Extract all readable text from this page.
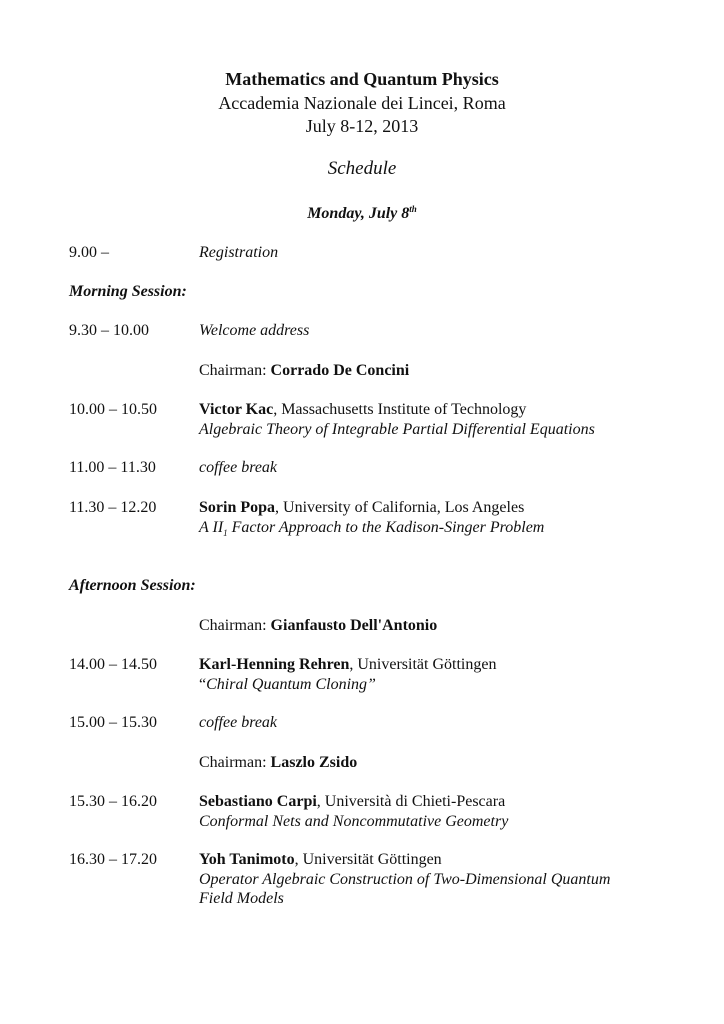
Mathematics and Quantum Physics
Accademia Nazionale dei Lincei, Roma
July 8-12, 2013
Schedule
Monday, July 8th
9.00 –	Registration
Morning Session:
9.30 – 10.00	Welcome address
Chairman: Corrado De Concini
10.00 – 10.50	Victor Kac, Massachusetts Institute of Technology
Algebraic Theory of Integrable Partial Differential Equations
11.00 – 11.30	coffee break
11.30 – 12.20	Sorin Popa, University of California, Los Angeles
A $II_1$ Factor Approach to the Kadison-Singer Problem
Afternoon Session:
Chairman: Gianfausto Dell'Antonio
14.00 – 14.50	Karl-Henning Rehren, Universität Göttingen
“Chiral Quantum Cloning”
15.00 – 15.30	coffee break
Chairman: Laszlo Zsido
15.30 – 16.20	Sebastiano Carpi, Università di Chieti-Pescara
Conformal Nets and Noncommutative Geometry
16.30 – 17.20	Yoh Tanimoto, Universität Göttingen
Operator Algebraic Construction of Two-Dimensional Quantum
Field Models
